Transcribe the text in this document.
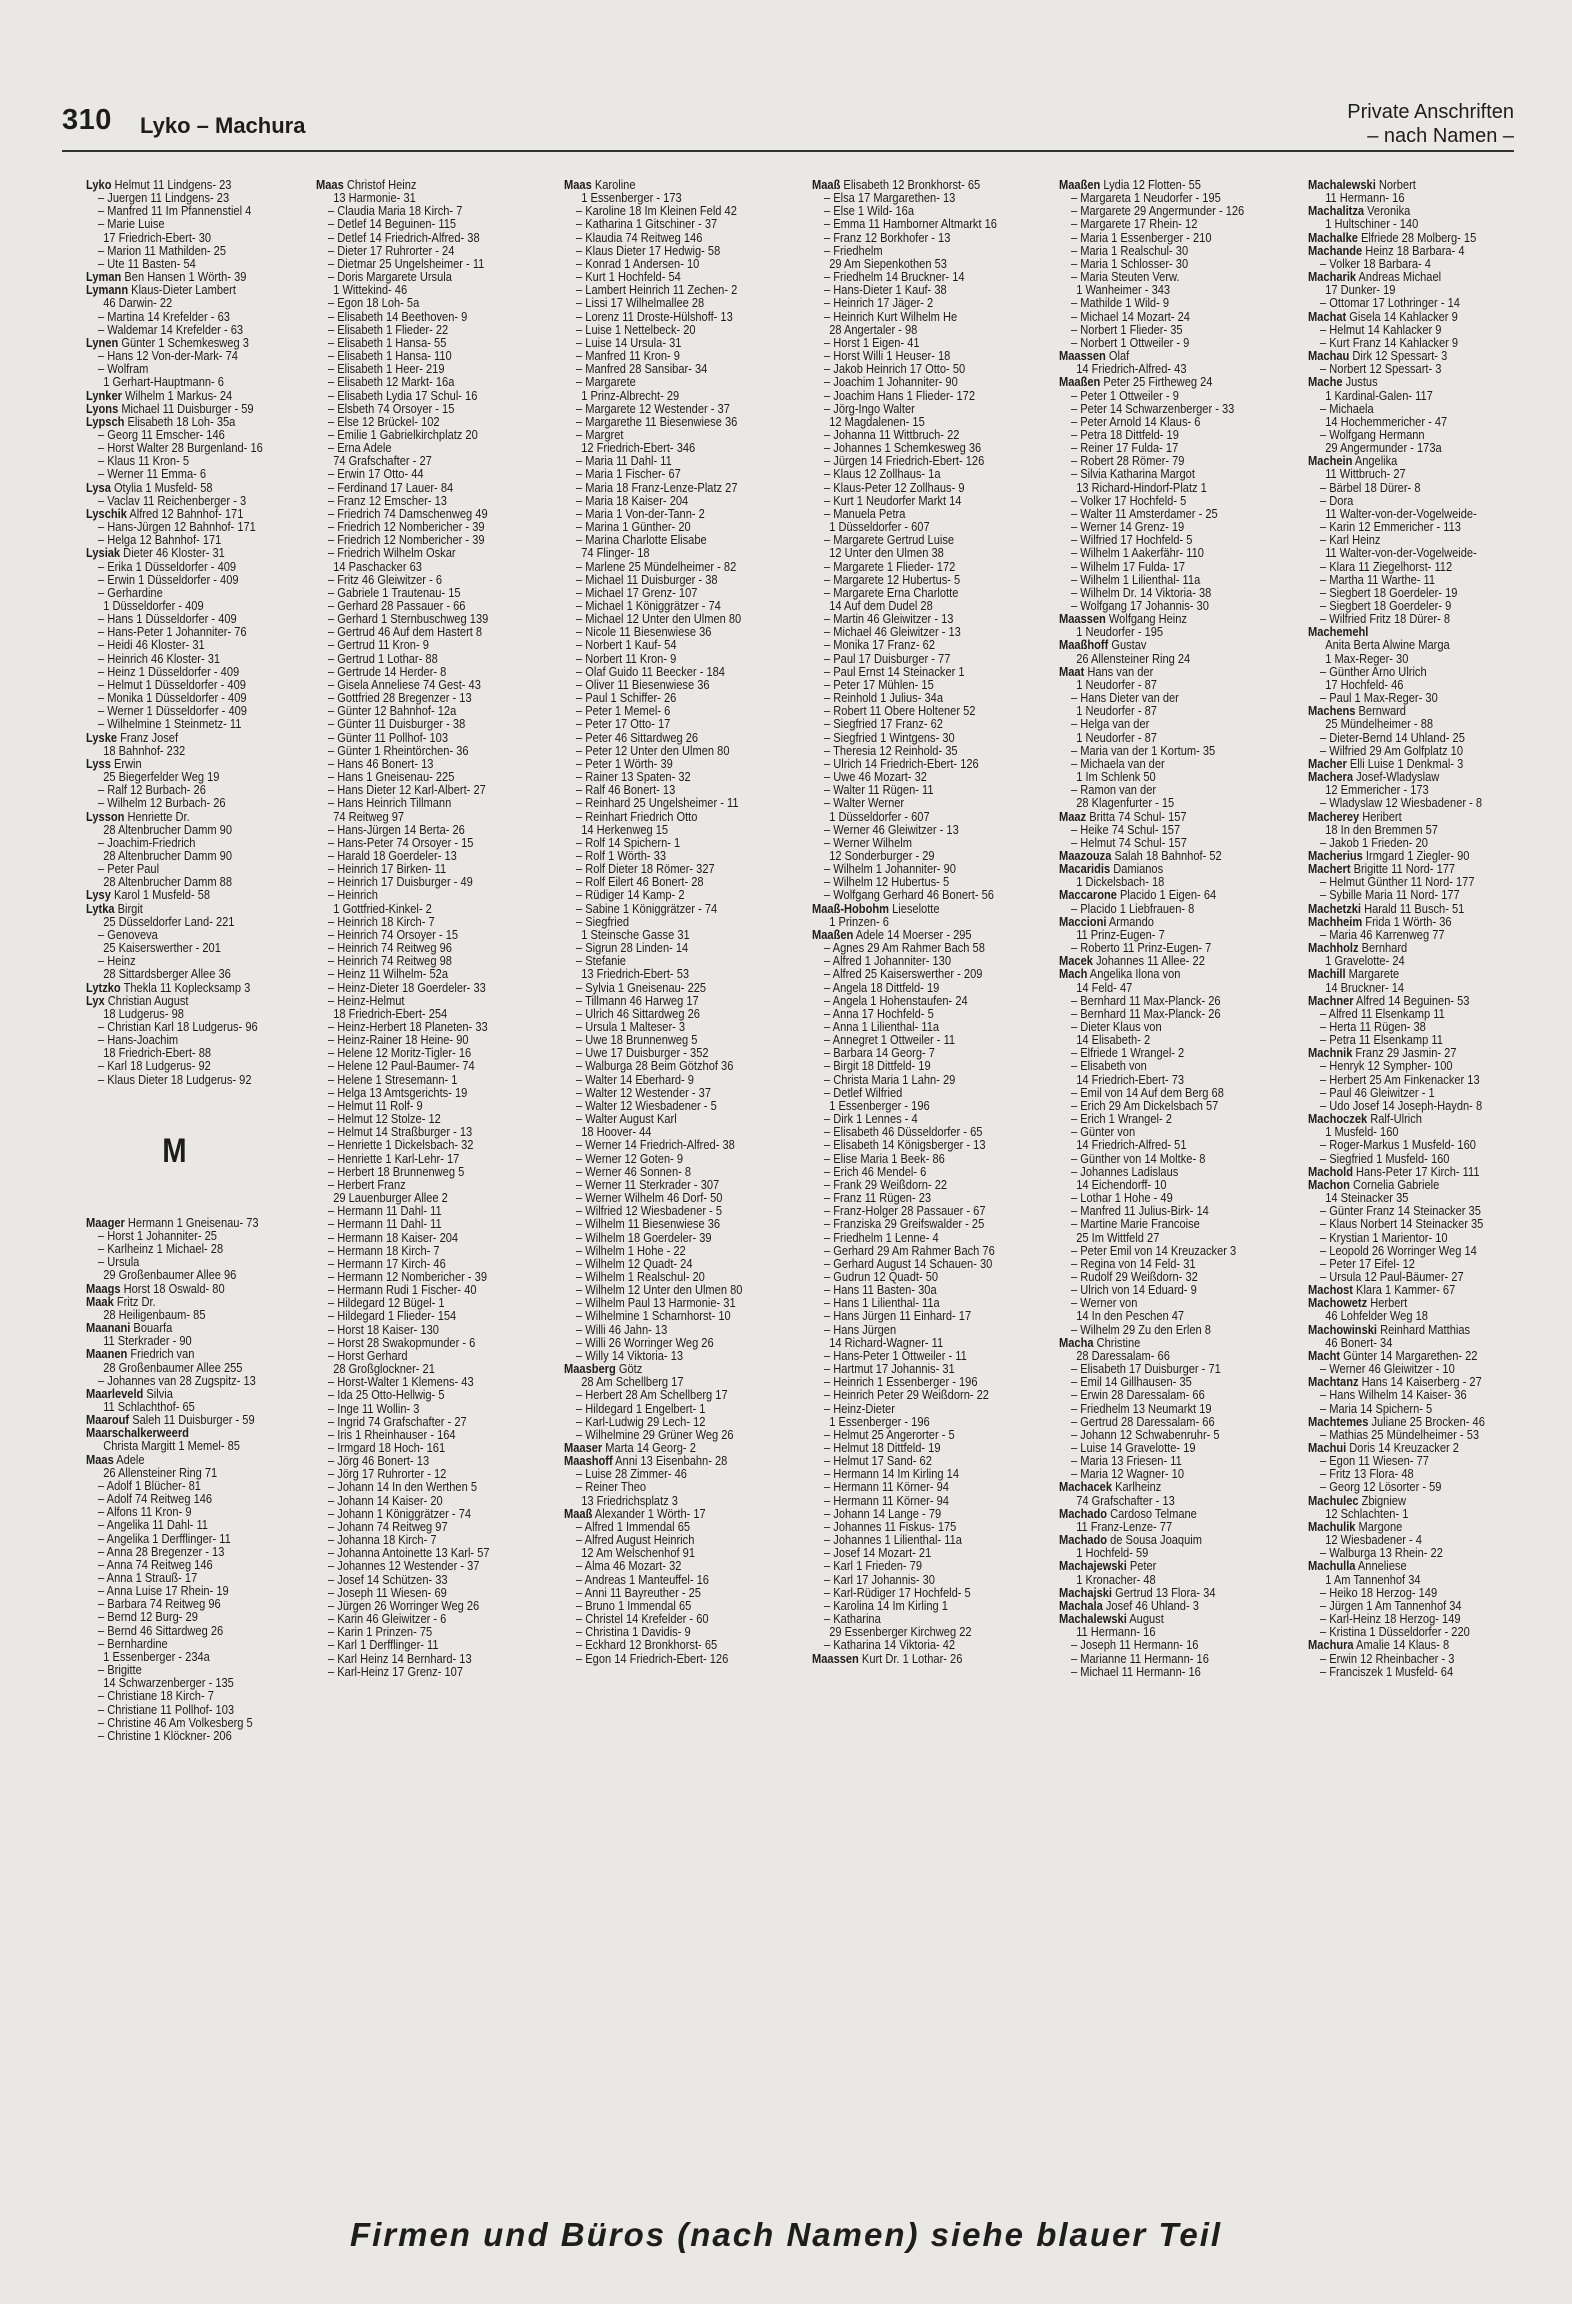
310 Lyko – Machura
Private Anschriften
– nach Namen –
Lyko Helmut 11 Lindgens- 23
– Juergen 11 Lindgens- 23
– Manfred 11 Im Pfannenstiel 4
– Marie Luise
17 Friedrich-Ebert- 30
– Marion 11 Mathilden- 25
– Ute 11 Basten- 54
Lyman Ben Hansen 1 Wörth- 39
Lymann Klaus-Dieter Lambert
46 Darwin- 22
– Martina 14 Krefelder - 63
– Waldemar 14 Krefelder - 63
Lynen Günter 1 Schemkesweg 3
– Hans 12 Von-der-Mark- 74
– Wolfram
1 Gerhart-Hauptmann- 6
Lynker Wilhelm 1 Markus- 24
Lyons Michael 11 Duisburger - 59
Lypsch Elisabeth 18 Loh- 35a
– Georg 11 Emscher- 146
– Horst Walter 28 Burgenland- 16
– Klaus 11 Kron- 5
– Werner 11 Emma- 6
Lysa Otylia 1 Musfeld- 58
– Vaclav 11 Reichenberger - 3
Lyschik Alfred 12 Bahnhof- 171
– Hans-Jürgen 12 Bahnhof- 171
– Helga 12 Bahnhof- 171
Lysiak Dieter 46 Kloster- 31
– Erika 1 Düsseldorfer - 409
– Erwin 1 Düsseldorfer - 409
– Gerhardine
1 Düsseldorfer - 409
– Hans 1 Düsseldorfer - 409
– Hans-Peter 1 Johanniter- 76
– Heidi 46 Kloster- 31
– Heinrich 46 Kloster- 31
– Heinz 1 Düsseldorfer - 409
– Helmut 1 Düsseldorfer - 409
– Monika 1 Düsseldorfer - 409
– Werner 1 Düsseldorfer - 409
– Wilhelmine 1 Steinmetz- 11
Lyske Franz Josef
18 Bahnhof- 232
Lyss Erwin
25 Biegerfelder Weg 19
– Ralf 12 Burbach- 26
– Wilhelm 12 Burbach- 26
Lysson Henriette Dr.
28 Altenbrucher Damm 90
– Joachim-Friedrich
28 Altenbrucher Damm 90
– Peter Paul
28 Altenbrucher Damm 88
Lysy Karol 1 Musfeld- 58
Lytka Birgit
25 Düsseldorfer Land- 221
– Genoveva
25 Kaiserswerther - 201
– Heinz
28 Sittardsberger Allee 36
Lytzko Thekla 11 Koplecksamp 3
Lyx Christian August
18 Ludgerus- 98
– Christian Karl 18 Ludgerus- 96
– Hans-Joachim
18 Friedrich-Ebert- 88
– Karl 18 Ludgerus- 92
– Klaus Dieter 18 Ludgerus- 92
M
Maager Hermann 1 Gneisenau- 73
– Horst 1 Johanniter- 25
– Karlheinz 1 Michael- 28
– Ursula
29 Großenbaumer Allee 96
Maags Horst 18 Oswald- 80
Maak Fritz Dr.
28 Heiligenbaum- 85
Maanani Bouarfa
11 Sterkrader - 90
Maanen Friedrich van
28 Großenbaumer Allee 255
– Johannes van 28 Zugspitz- 13
Maarleveld Silvia
11 Schlachthof- 65
Maarouf Saleh 11 Duisburger - 59
Maarschalkerweerd
Christa Margitt 1 Memel- 85
Maas Adele
26 Allensteiner Ring 71
– Adolf 1 Blücher- 81
– Adolf 74 Reitweg 146
– Alfons 11 Kron- 9
– Angelika 11 Dahl- 11
– Angelika 1 Derfflinger- 11
– Anna 28 Bregenzer - 13
– Anna 74 Reitweg 146
– Anna 1 Strauß- 17
– Anna Luise 17 Rhein- 19
– Barbara 74 Reitweg 96
– Bernd 12 Burg- 29
– Bernd 46 Sittardweg 26
– Bernhardine
1 Essenberger - 234a
– Brigitte
14 Schwarzenberger - 135
– Christiane 18 Kirch- 7
– Christiane 11 Pollhof- 103
– Christine 46 Am Volkesberg 5
– Christine 1 Klöckner- 206
Maas Christof Heinz
13 Harmonie- 31
– Claudia Maria 18 Kirch- 7
– Detlef 14 Beguinen- 115
– Detlef 14 Friedrich-Alfred- 38
– Dieter 17 Ruhrorter - 24
– Dietmar 25 Ungelsheimer - 11
– Doris Margarete Ursula
1 Wittekind- 46
– Egon 18 Loh- 5a
– Elisabeth 14 Beethoven- 9
– Elisabeth 1 Flieder- 22
– Elisabeth 1 Hansa- 55
– Elisabeth 1 Hansa- 110
– Elisabeth 1 Heer- 219
– Elisabeth 12 Markt- 16a
– Elisabeth Lydia 17 Schul- 16
– Elsbeth 74 Orsoyer - 15
– Else 12 Brückel- 102
– Emilie 1 Gabrielkirchplatz 20
– Erna Adele
74 Grafschafter - 27
– Erwin 17 Otto- 44
– Ferdinand 17 Lauer- 84
– Franz 12 Emscher- 13
– Friedrich 74 Damschenweg 49
– Friedrich 12 Nombericher - 39
– Friedrich 12 Nombericher - 39
– Friedrich Wilhelm Oskar
14 Paschacker 63
– Fritz 46 Gleiwitzer - 6
– Gabriele 1 Trautenau- 15
– Gerhard 28 Passauer - 66
– Gerhard 1 Sternbuschweg 139
– Gertrud 46 Auf dem Hastert 8
– Gertrud 11 Kron- 9
– Gertrud 1 Lothar- 88
– Gertrude 14 Herder- 8
– Gisela Anneliese 74 Gest- 43
– Gottfried 28 Bregenzer - 13
– Günter 12 Bahnhof- 12a
– Günter 11 Duisburger - 38
– Günter 11 Pollhof- 103
– Günter 1 Rheintörchen- 36
– Hans 46 Bonert- 13
– Hans 1 Gneisenau- 225
– Hans Dieter 12 Karl-Albert- 27
– Hans Heinrich Tillmann
74 Reitweg 97
– Hans-Jürgen 14 Berta- 26
– Hans-Peter 74 Orsoyer - 15
– Harald 18 Goerdeler- 13
– Heinrich 17 Birken- 11
– Heinrich 17 Duisburger - 49
– Heinrich
1 Gottfried-Kinkel- 2
– Heinrich 18 Kirch- 7
– Heinrich 74 Orsoyer - 15
– Heinrich 74 Reitweg 96
– Heinrich 74 Reitweg 98
– Heinz 11 Wilhelm- 52a
– Heinz-Dieter 18 Goerdeler- 33
– Heinz-Helmut
18 Friedrich-Ebert- 254
– Heinz-Herbert 18 Planeten- 33
– Heinz-Rainer 18 Heine- 90
– Helene 12 Moritz-Tigler- 16
– Helene 12 Paul-Baumer- 74
– Helene 1 Stresemann- 1
– Helga 13 Amtsgerichts- 19
– Helmut 11 Rolf- 9
– Helmut 12 Stolze- 12
– Helmut 14 Straßburger - 13
– Henriette 1 Dickelsbach- 32
– Henriette 1 Karl-Lehr- 17
– Herbert 18 Brunnenweg 5
– Herbert Franz
29 Lauenburger Allee 2
– Hermann 11 Dahl- 11
– Hermann 11 Dahl- 11
– Hermann 18 Kaiser- 204
– Hermann 18 Kirch- 7
– Hermann 17 Kirch- 46
– Hermann 12 Nombericher - 39
– Hermann Rudi 1 Fischer- 40
– Hildegard 12 Bügel- 1
– Hildegard 1 Flieder- 154
– Horst 18 Kaiser- 130
– Horst 28 Swakopmunder - 6
– Horst Gerhard
28 Großglockner- 21
– Horst-Walter 1 Klemens- 43
– Ida 25 Otto-Hellwig- 5
– Inge 11 Wollin- 3
– Ingrid 74 Grafschafter - 27
– Iris 1 Rheinhauser - 164
– Irmgard 18 Hoch- 161
– Jörg 46 Bonert- 13
– Jörg 17 Ruhrorter - 12
– Johann 14 In den Werthen 5
– Johann 14 Kaiser- 20
– Johann 1 Königgrätzer - 74
– Johann 74 Reitweg 97
– Johanna 18 Kirch- 7
– Johanna Antoinette 13 Karl- 57
– Johannes 12 Westender - 37
– Josef 14 Schützen- 33
– Joseph 11 Wiesen- 69
– Jürgen 26 Worringer Weg 26
– Karin 46 Gleiwitzer - 6
– Karin 1 Prinzen- 75
– Karl 1 Derfflinger- 11
– Karl Heinz 14 Bernhard- 13
– Karl-Heinz 17 Grenz- 107
Maas Karoline
1 Essenberger - 173
– Karoline 18 Im Kleinen Feld 42
– Katharina 1 Gitschiner - 37
– Klaudia 74 Reitweg 146
– Klaus Dieter 17 Hedwig- 58
– Konrad 1 Andersen- 10
– Kurt 1 Hochfeld- 54
– Lambert Heinrich 11 Zechen- 2
– Lissi 17 Wilhelmallee 28
– Lorenz 11 Droste-Hülshoff- 13
– Luise 1 Nettelbeck- 20
– Luise 14 Ursula- 31
– Manfred 11 Kron- 9
– Manfred 28 Sansibar- 34
– Margarete
1 Prinz-Albrecht- 29
– Margarete 12 Westender - 37
– Margarethe 11 Biesenwiese 36
– Margret
12 Friedrich-Ebert- 346
– Maria 11 Dahl- 11
– Maria 1 Fischer- 67
– Maria 18 Franz-Lenze-Platz 27
– Maria 18 Kaiser- 204
– Maria 1 Von-der-Tann- 2
– Marina 1 Günther- 20
– Marina Charlotte Elisabe
74 Flinger- 18
– Marlene 25 Mündelheimer - 82
– Michael 11 Duisburger - 38
– Michael 17 Grenz- 107
– Michael 1 Königgrätzer - 74
– Michael 12 Unter den Ulmen 80
– Nicole 11 Biesenwiese 36
– Norbert 1 Kauf- 54
– Norbert 11 Kron- 9
– Olaf Guido 11 Beecker - 184
– Oliver 11 Biesenwiese 36
– Paul 1 Schiffer- 26
– Peter 1 Memel- 6
– Peter 17 Otto- 17
– Peter 46 Sittardweg 26
– Peter 12 Unter den Ulmen 80
– Peter 1 Wörth- 39
– Rainer 13 Spaten- 32
– Ralf 46 Bonert- 13
– Reinhard 25 Ungelsheimer - 11
– Reinhart Friedrich Otto
14 Herkenweg 15
– Rolf 14 Spichern- 1
– Rolf 1 Wörth- 33
– Rolf Dieter 18 Römer- 327
– Rolf Eilert 46 Bonert- 28
– Rüdiger 14 Kamp- 2
– Sabine 1 Königgrätzer - 74
– Siegfried
1 Steinsche Gasse 31
– Sigrun 28 Linden- 14
– Stefanie
13 Friedrich-Ebert- 53
– Sylvia 1 Gneisenau- 225
– Tillmann 46 Harweg 17
– Ulrich 46 Sittardweg 26
– Ursula 1 Malteser- 3
– Uwe 18 Brunnenweg 5
– Uwe 17 Duisburger - 352
– Walburga 28 Beim Götzhof 36
– Walter 14 Eberhard- 9
– Walter 12 Westender - 37
– Walter 12 Wiesbadener - 5
– Walter August Karl
18 Hoover- 44
– Werner 14 Friedrich-Alfred- 38
– Werner 12 Goten- 9
– Werner 46 Sonnen- 8
– Werner 11 Sterkrader - 307
– Werner Wilhelm 46 Dorf- 50
– Wilfried 12 Wiesbadener - 5
– Wilhelm 11 Biesenwiese 36
– Wilhelm 18 Goerdeler- 39
– Wilhelm 1 Hohe - 22
– Wilhelm 12 Quadt- 24
– Wilhelm 1 Realschul- 20
– Wilhelm 12 Unter den Ulmen 80
– Wilhelm Paul 13 Harmonie- 31
– Wilhelmine 1 Scharnhorst- 10
– Willi 46 Jahn- 13
– Willi 26 Worringer Weg 26
– Willy 14 Viktoria- 13
Maasberg Götz
28 Am Schellberg 17
– Herbert 28 Am Schellberg 17
– Hildegard 1 Engelbert- 1
– Karl-Ludwig 29 Lech- 12
– Wilhelmine 29 Grüner Weg 26
Maaser Marta 14 Georg- 2
Maashoff Anni 13 Eisenbahn- 28
– Luise 28 Zimmer- 46
– Reiner Theo
13 Friedrichsplatz 3
Maaß Alexander 1 Wörth- 17
– Alfred 1 Immendal 65
– Alfred August Heinrich
12 Am Welschenhof 91
– Alma 46 Mozart- 32
– Andreas 1 Manteuffel- 16
– Anni 11 Bayreuther - 25
– Bruno 1 Immendal 65
– Christel 14 Krefelder - 60
– Christina 1 Davidis- 9
– Eckhard 12 Bronkhorst- 65
– Egon 14 Friedrich-Ebert- 126
Maaß Elisabeth 12 Bronkhorst- 65
– Elsa 17 Margarethen- 13
– Else 1 Wild- 16a
– Emma 11 Hamborner Altmarkt 16
– Franz 12 Borkhofer - 13
– Friedhelm
29 Am Siepenkothen 53
– Friedhelm 14 Bruckner- 14
– Hans-Dieter 1 Kauf- 38
– Heinrich 17 Jäger- 2
– Heinrich Kurt Wilhelm He
28 Angertaler - 98
– Horst 1 Eigen- 41
– Horst Willi 1 Heuser- 18
– Jakob Heinrich 17 Otto- 50
– Joachim 1 Johanniter- 90
– Joachim Hans 1 Flieder- 172
– Jörg-Ingo Walter
12 Magdalenen- 15
– Johanna 11 Wittbruch- 22
– Johannes 1 Schemkesweg 36
– Jürgen 14 Friedrich-Ebert- 126
– Klaus 12 Zollhaus- 1a
– Klaus-Peter 12 Zollhaus- 9
– Kurt 1 Neudorfer Markt 14
– Manuela Petra
1 Düsseldorfer - 607
– Margarete Gertrud Luise
12 Unter den Ulmen 38
– Margarete 1 Flieder- 172
– Margarete 12 Hubertus- 5
– Margarete Erna Charlotte
14 Auf dem Dudel 28
– Martin 46 Gleiwitzer - 13
– Michael 46 Gleiwitzer - 13
– Monika 17 Franz- 62
– Paul 17 Duisburger - 77
– Paul Ernst 14 Steinacker 1
– Peter 17 Mühlen- 15
– Reinhold 1 Julius- 34a
– Robert 11 Obere Holtener 52
– Siegfried 17 Franz- 62
– Siegfried 1 Wintgens- 30
– Theresia 12 Reinhold- 35
– Ulrich 14 Friedrich-Ebert- 126
– Uwe 46 Mozart- 32
– Walter 11 Rügen- 11
– Walter Werner
1 Düsseldorfer - 607
– Werner 46 Gleiwitzer - 13
– Werner Wilhelm
12 Sonderburger - 29
– Wilhelm 1 Johanniter- 90
– Wilhelm 12 Hubertus- 5
– Wolfgang Gerhard 46 Bonert- 56
Maaß-Hobohm Lieselotte
1 Prinzen- 6
Maaßen Adele 14 Moerser - 295
– Agnes 29 Am Rahmer Bach 58
– Alfred 1 Johanniter- 130
– Alfred 25 Kaiserswerther - 209
– Angela 18 Dittfeld- 19
– Angela 1 Hohenstaufen- 24
– Anna 17 Hochfeld- 5
– Anna 1 Lilienthal- 11a
– Annegret 1 Ottweiler - 11
– Barbara 14 Georg- 7
– Birgit 18 Dittfeld- 19
– Christa Maria 1 Lahn- 29
– Detlef Wilfried
1 Essenberger - 196
– Dirk 1 Lennes - 4
– Elisabeth 46 Düsseldorfer - 65
– Elisabeth 14 Königsberger - 13
– Elise Maria 1 Beek- 86
– Erich 46 Mendel- 6
– Frank 29 Weißdorn- 22
– Franz 11 Rügen- 23
– Franz-Holger 28 Passauer - 67
– Franziska 29 Greifswalder - 25
– Friedhelm 1 Lenne- 4
– Gerhard 29 Am Rahmer Bach 76
– Gerhard August 14 Schauen- 30
– Gudrun 12 Quadt- 50
– Hans 11 Basten- 30a
– Hans 1 Lilienthal- 11a
– Hans Jürgen 11 Einhard- 17
– Hans Jürgen
14 Richard-Wagner- 11
– Hans-Peter 1 Ottweiler - 11
– Hartmut 17 Johannis- 31
– Heinrich 1 Essenberger - 196
– Heinrich Peter 29 Weißdorn- 22
– Heinz-Dieter
1 Essenberger - 196
– Helmut 25 Angerorter - 5
– Helmut 18 Dittfeld- 19
– Helmut 17 Sand- 62
– Hermann 14 Im Kirling 14
– Hermann 11 Körner- 94
– Hermann 11 Körner- 94
– Johann 14 Lange - 79
– Johannes 11 Fiskus- 175
– Johannes 1 Lilienthal- 11a
– Josef 14 Mozart- 21
– Karl 1 Frieden- 79
– Karl 17 Johannis- 30
– Karl-Rüdiger 17 Hochfeld- 5
– Karolina 14 Im Kirling 1
– Katharina
29 Essenberger Kirchweg 22
– Katharina 14 Viktoria- 42
Maassen Kurt Dr. 1 Lothar- 26
Maaßen Lydia 12 Flotten- 55
– Margareta 1 Neudorfer - 195
– Margarete 29 Angermunder - 126
– Margarete 17 Rhein- 12
– Maria 1 Essenberger - 210
– Maria 1 Realschul- 30
– Maria 1 Schlosser- 30
– Maria Steuten Verw.
1 Wanheimer - 343
– Mathilde 1 Wild- 9
– Michael 14 Mozart- 24
– Norbert 1 Flieder- 35
– Norbert 1 Ottweiler - 9
Maassen Olaf
14 Friedrich-Alfred- 43
Maaßen Peter 25 Firtheweg 24
– Peter 1 Ottweiler - 9
– Peter 14 Schwarzenberger - 33
– Peter Arnold 14 Klaus- 6
– Petra 18 Dittfeld- 19
– Reiner 17 Fulda- 17
– Robert 28 Römer- 79
– Silvia Katharina Margot
13 Richard-Hindorf-Platz 1
– Volker 17 Hochfeld- 5
– Walter 11 Amsterdamer - 25
– Werner 14 Grenz- 19
– Wilfried 17 Hochfeld- 5
– Wilhelm 1 Aakerfähr- 110
– Wilhelm 17 Fulda- 17
– Wilhelm 1 Lilienthal- 11a
– Wilhelm Dr. 14 Viktoria- 38
– Wolfgang 17 Johannis- 30
Maassen Wolfgang Heinz
1 Neudorfer - 195
Maaßhoff Gustav
26 Allensteiner Ring 24
Maat Hans van der
1 Neudorfer - 87
– Hans Dieter van der
1 Neudorfer - 87
– Helga van der
1 Neudorfer - 87
– Maria van der 1 Kortum- 35
– Michaela van der
1 Im Schlenk 50
– Ramon van der
28 Klagenfurter - 15
Maaz Britta 74 Schul- 157
– Heike 74 Schul- 157
– Helmut 74 Schul- 157
Maazouza Salah 18 Bahnhof- 52
Macaridis Damianos
1 Dickelsbach- 18
Maccarone Placido 1 Eigen- 64
– Placido 1 Liebfrauen- 8
Maccioni Armando
11 Prinz-Eugen- 7
– Roberto 11 Prinz-Eugen- 7
Macek Johannes 11 Allee- 22
Mach Angelika Ilona von
14 Feld- 47
– Bernhard 11 Max-Planck- 26
– Bernhard 11 Max-Planck- 26
– Dieter Klaus von
14 Elisabeth- 2
– Elfriede 1 Wrangel- 2
– Elisabeth von
14 Friedrich-Ebert- 73
– Emil von 14 Auf dem Berg 68
– Erich 29 Am Dickelsbach 57
– Erich 1 Wrangel- 2
– Günter von
14 Friedrich-Alfred- 51
– Günther von 14 Moltke- 8
– Johannes Ladislaus
14 Eichendorff- 10
– Lothar 1 Hohe - 49
– Manfred 11 Julius-Birk- 14
– Martine Marie Francoise
25 Im Wittfeld 27
– Peter Emil von 14 Kreuzacker 3
– Regina von 14 Feld- 31
– Rudolf 29 Weißdorn- 32
– Ulrich von 14 Eduard- 9
– Werner von
14 In den Peschen 47
– Wilhelm 29 Zu den Erlen 8
Macha Christine
28 Daressalam- 66
– Elisabeth 17 Duisburger - 71
– Emil 14 Gillhausen- 35
– Erwin 28 Daressalam- 66
– Friedhelm 13 Neumarkt 19
– Gertrud 28 Daressalam- 66
– Johann 12 Schwabenruhr- 5
– Luise 14 Gravelotte- 19
– Maria 13 Friesen- 11
– Maria 12 Wagner- 10
Machacek Karlheinz
74 Grafschafter - 13
Machado Cardoso Telmane
11 Franz-Lenze- 77
Machado de Sousa Joaquim
1 Hochfeld- 59
Machajewski Peter
1 Kronacher- 48
Machajski Gertrud 13 Flora- 34
Machala Josef 46 Uhland- 3
Machalewski August
11 Hermann- 16
– Joseph 11 Hermann- 16
– Marianne 11 Hermann- 16
– Michael 11 Hermann- 16
Machalewski Norbert
11 Hermann- 16
Machalitza Veronika
1 Hultschiner - 140
Machalke Elfriede 28 Molberg- 15
Machande Heinz 18 Barbara- 4
– Volker 18 Barbara- 4
Macharik Andreas Michael
17 Dunker- 19
– Ottomar 17 Lothringer - 14
Machat Gisela 14 Kahlacker 9
– Helmut 14 Kahlacker 9
– Kurt Franz 14 Kahlacker 9
Machau Dirk 12 Spessart- 3
– Norbert 12 Spessart- 3
Mache Justus
1 Kardinal-Galen- 117
– Michaela
14 Hochemmericher - 47
– Wolfgang Hermann
29 Angermunder - 173a
Machein Angelika
11 Wittbruch- 27
– Bärbel 18 Dürer- 8
– Dora
11 Walter-von-der-Vogelweide-
– Karin 12 Emmericher - 113
– Karl Heinz
11 Walter-von-der-Vogelweide-
– Klara 11 Ziegelhorst- 112
– Martha 11 Warthe- 11
– Siegbert 18 Goerdeler- 19
– Siegbert 18 Goerdeler- 9
– Wilfried Fritz 18 Dürer- 8
Machemehl
Anita Berta Alwine Marga
1 Max-Reger- 30
– Günther Arno Ulrich
17 Hochfeld- 46
– Paul 1 Max-Reger- 30
Machens Bernward
25 Mündelheimer - 88
– Dieter-Bernd 14 Uhland- 25
– Wilfried 29 Am Golfplatz 10
Macher Elli Luise 1 Denkmal- 3
Machera Josef-Wladyslaw
12 Emmericher - 173
– Wladyslaw 12 Wiesbadener - 8
Macherey Heribert
18 In den Bremmen 57
– Jakob 1 Frieden- 20
Macherius Irmgard 1 Ziegler- 90
Machert Brigitte 11 Nord- 177
– Helmut Günther 11 Nord- 177
– Sybille Maria 11 Nord- 177
Machetzki Harald 11 Busch- 51
Machheim Frida 1 Wörth- 36
– Maria 46 Karrenweg 77
Machholz Bernhard
1 Gravelotte- 24
Machill Margarete
14 Bruckner- 14
Machner Alfred 14 Beguinen- 53
– Alfred 11 Elsenkamp 11
– Herta 11 Rügen- 38
– Petra 11 Elsenkamp 11
Machnik Franz 29 Jasmin- 27
– Henryk 12 Sympher- 100
– Herbert 25 Am Finkenacker 13
– Paul 46 Gleiwitzer - 1
– Udo Josef 14 Joseph-Haydn- 8
Machoczek Ralf-Ulrich
1 Musfeld- 160
– Roger-Markus 1 Musfeld- 160
– Siegfried 1 Musfeld- 160
Machold Hans-Peter 17 Kirch- 111
Machon Cornelia Gabriele
14 Steinacker 35
– Günter Franz 14 Steinacker 35
– Klaus Norbert 14 Steinacker 35
– Krystian 1 Marientor- 10
– Leopold 26 Worringer Weg 14
– Peter 17 Eifel- 12
– Ursula 12 Paul-Bäumer- 27
Machost Klara 1 Kammer- 67
Machowetz Herbert
46 Lohfelder Weg 18
Machowinski Reinhard Matthias
46 Bonert- 34
Macht Günter 14 Margarethen- 22
– Werner 46 Gleiwitzer - 10
Machtanz Hans 14 Kaiserberg - 27
– Hans Wilhelm 14 Kaiser- 36
– Maria 14 Spichern- 5
Machtemes Juliane 25 Brocken- 46
– Mathias 25 Mündelheimer - 53
Machui Doris 14 Kreuzacker 2
– Egon 11 Wiesen- 77
– Fritz 13 Flora- 48
– Georg 12 Lösorter - 59
Machulec Zbigniew
12 Schlachten- 1
Machulik Margone
12 Wiesbadener - 4
– Walburga 13 Rhein- 22
Machulla Anneliese
1 Am Tannenhof 34
– Heiko 18 Herzog- 149
– Jürgen 1 Am Tannenhof 34
– Karl-Heinz 18 Herzog- 149
– Kristina 1 Düsseldorfer - 220
Machura Amalie 14 Klaus- 8
– Erwin 12 Rheinbacher - 3
– Franciszek 1 Musfeld- 64
Firmen und Büros (nach Namen) siehe blauer Teil
